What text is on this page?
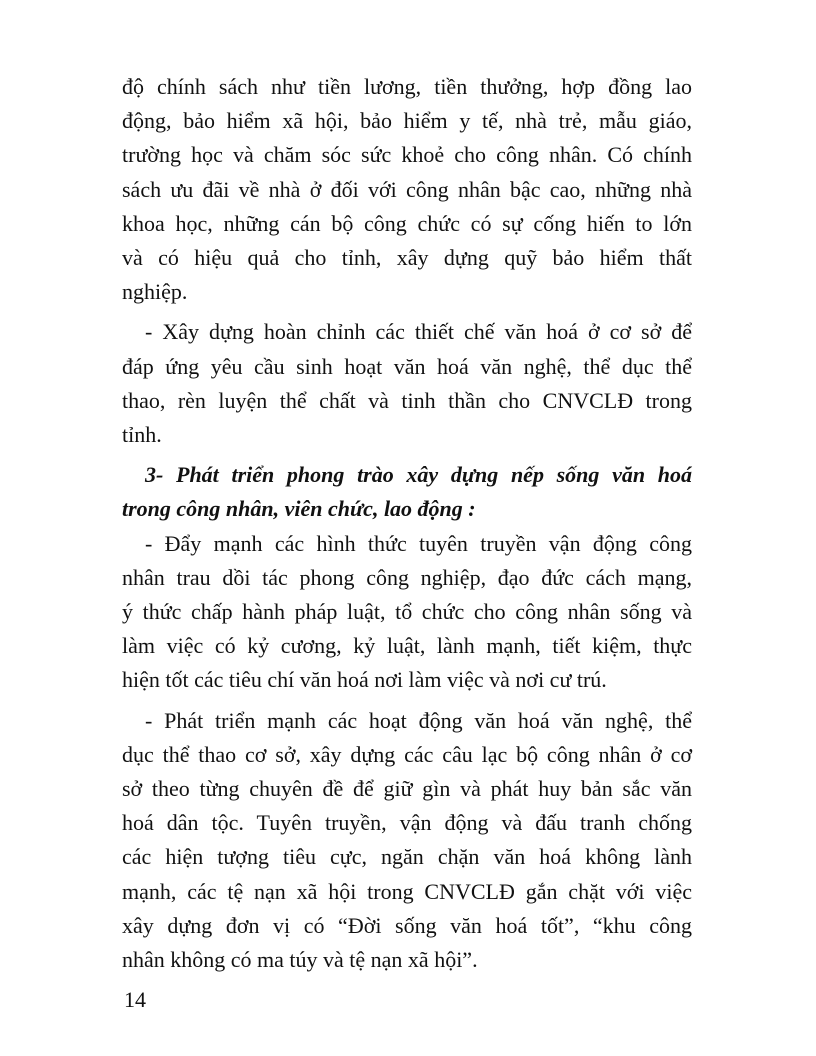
độ chính sách như tiền lương, tiền thưởng, hợp đồng lao
động, bảo hiểm xã hội, bảo hiểm y tế, nhà trẻ, mẫu giáo,
trường học và chăm sóc sức khoẻ cho công nhân. Có chính
sách ưu đãi về nhà ở đối với công nhân bậc cao, những nhà
khoa học, những cán bộ công chức có sự cống hiến to lớn
và có hiệu quả cho tỉnh, xây dựng quỹ bảo hiểm thất
nghiệp.
- Xây dựng hoàn chỉnh các thiết chế văn hoá ở cơ sở để
đáp ứng yêu cầu sinh hoạt văn hoá văn nghệ, thể dục thể
thao, rèn luyện thể chất và tinh thần cho CNVCLĐ trong
tỉnh.
3- Phát triển phong trào xây dựng nếp sống văn hoá
trong công nhân, viên chức, lao động :
- Đẩy mạnh các hình thức tuyên truyền vận động công
nhân trau dồi tác phong công nghiệp, đạo đức cách mạng,
ý thức chấp hành pháp luật, tổ chức cho công nhân sống và
làm việc có kỷ cương, kỷ luật, lành mạnh, tiết kiệm, thực
hiện tốt các tiêu chí văn hoá nơi làm việc và nơi cư trú.
- Phát triển mạnh các hoạt động văn hoá văn nghệ, thể
dục thể thao cơ sở, xây dựng các câu lạc bộ công nhân ở cơ
sở theo từng chuyên đề để giữ gìn và phát huy bản sắc văn
hoá dân tộc. Tuyên truyền, vận động và đấu tranh chống
các hiện tượng tiêu cực, ngăn chặn văn hoá không lành
mạnh, các tệ nạn xã hội trong CNVCLĐ gắn chặt với việc
xây dựng đơn vị có “Đời sống văn hoá tốt”, “khu công
nhân không có ma túy và tệ nạn xã hội”.
14
